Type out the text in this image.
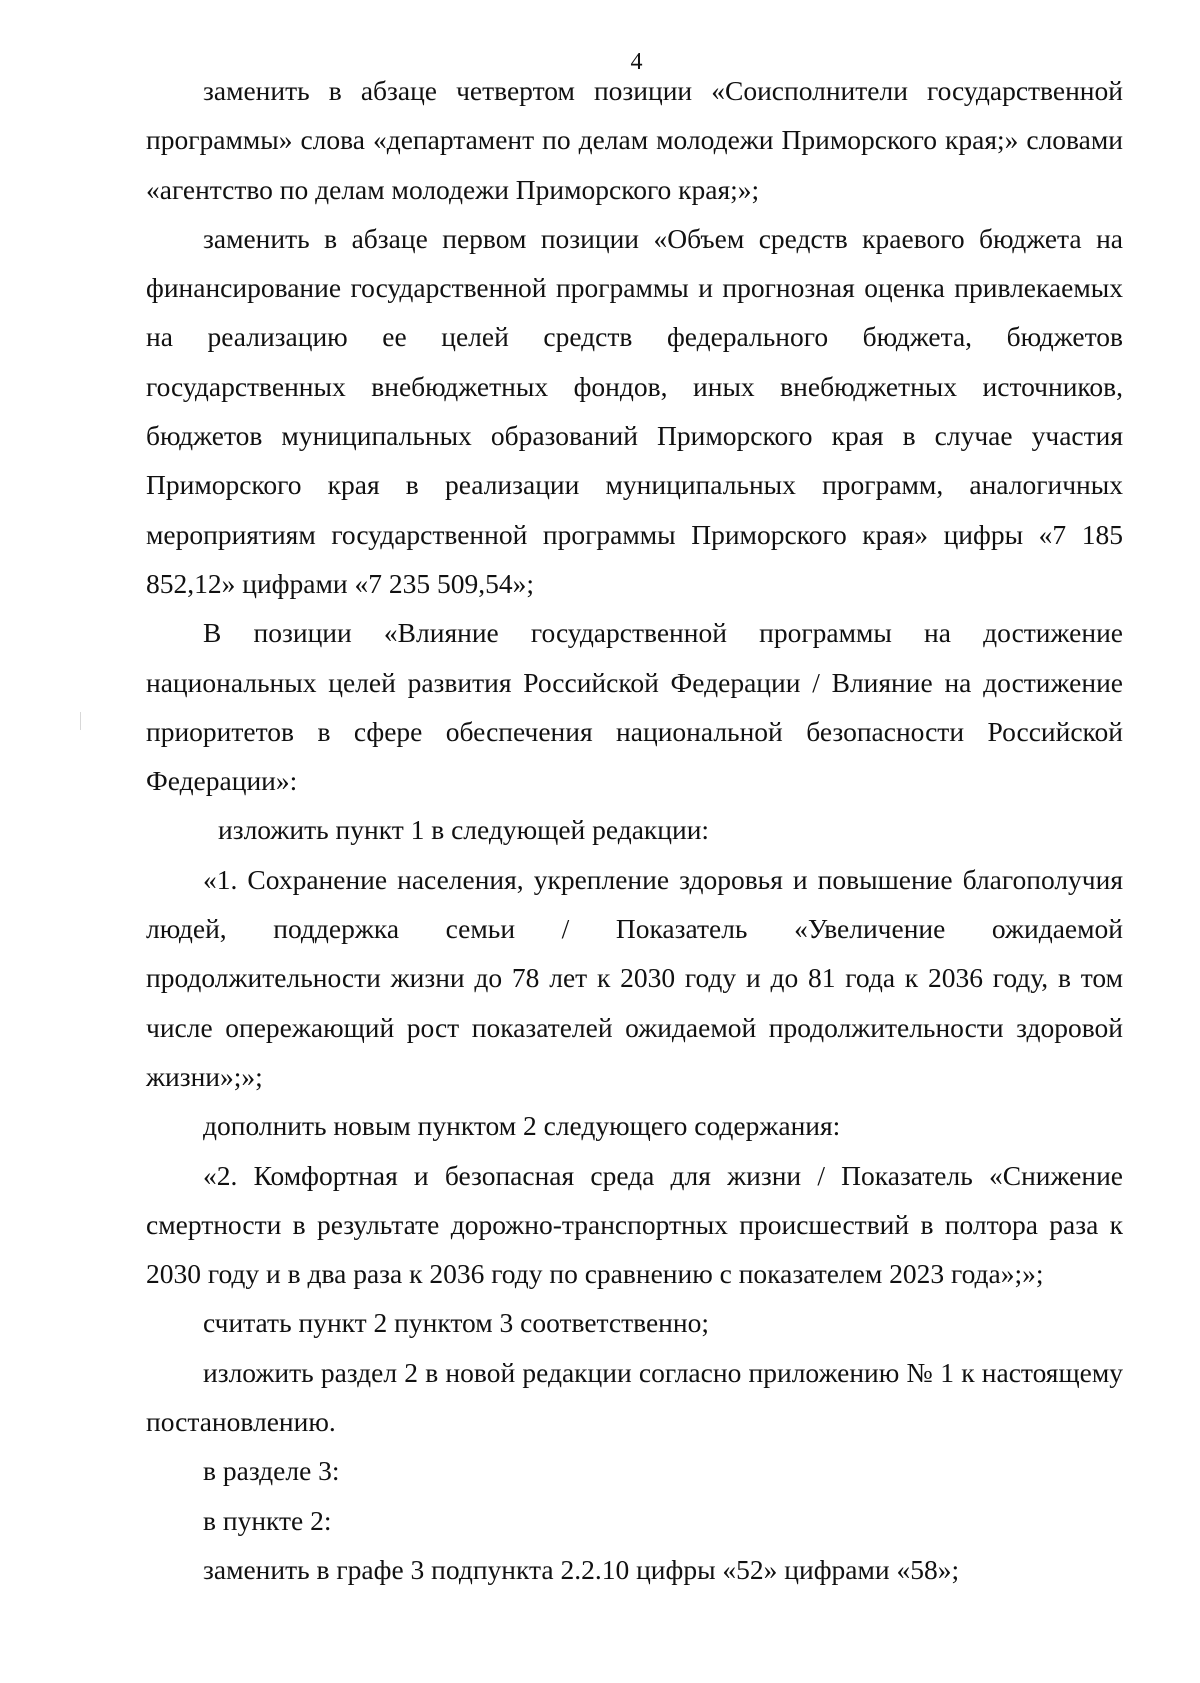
4

заменить в абзаце четвертом позиции «Соисполнители государственной программы» слова «департамент по делам молодежи Приморского края;» словами «агентство по делам молодежи Приморского края;»;

заменить в абзаце первом позиции «Объем средств краевого бюджета на финансирование государственной программы и прогнозная оценка привлекаемых на реализацию ее целей средств федерального бюджета, бюджетов государственных внебюджетных фондов, иных внебюджетных источников, бюджетов муниципальных образований Приморского края в случае участия Приморского края в реализации муниципальных программ, аналогичных мероприятиям государственной программы Приморского края» цифры «7 185 852,12» цифрами «7 235 509,54»;

В позиции «Влияние государственной программы на достижение национальных целей развития Российской Федерации / Влияние на достижение приоритетов в сфере обеспечения национальной безопасности Российской Федерации»:

изложить пункт 1 в следующей редакции:

«1. Сохранение населения, укрепление здоровья и повышение благополучия людей, поддержка семьи / Показатель «Увеличение ожидаемой продолжительности жизни до 78 лет к 2030 году и до 81 года к 2036 году, в том числе опережающий рост показателей ожидаемой продолжительности здоровой жизни»;»;

дополнить новым пунктом 2 следующего содержания:

«2. Комфортная и безопасная среда для жизни / Показатель «Снижение смертности в результате дорожно-транспортных происшествий в полтора раза к 2030 году и в два раза к 2036 году по сравнению с показателем 2023 года»;»;

считать пункт 2 пунктом 3 соответственно;

изложить раздел 2 в новой редакции согласно приложению № 1 к настоящему постановлению.

в разделе 3:

в пункте 2:

заменить в графе 3 подпункта 2.2.10 цифры «52» цифрами «58»;
